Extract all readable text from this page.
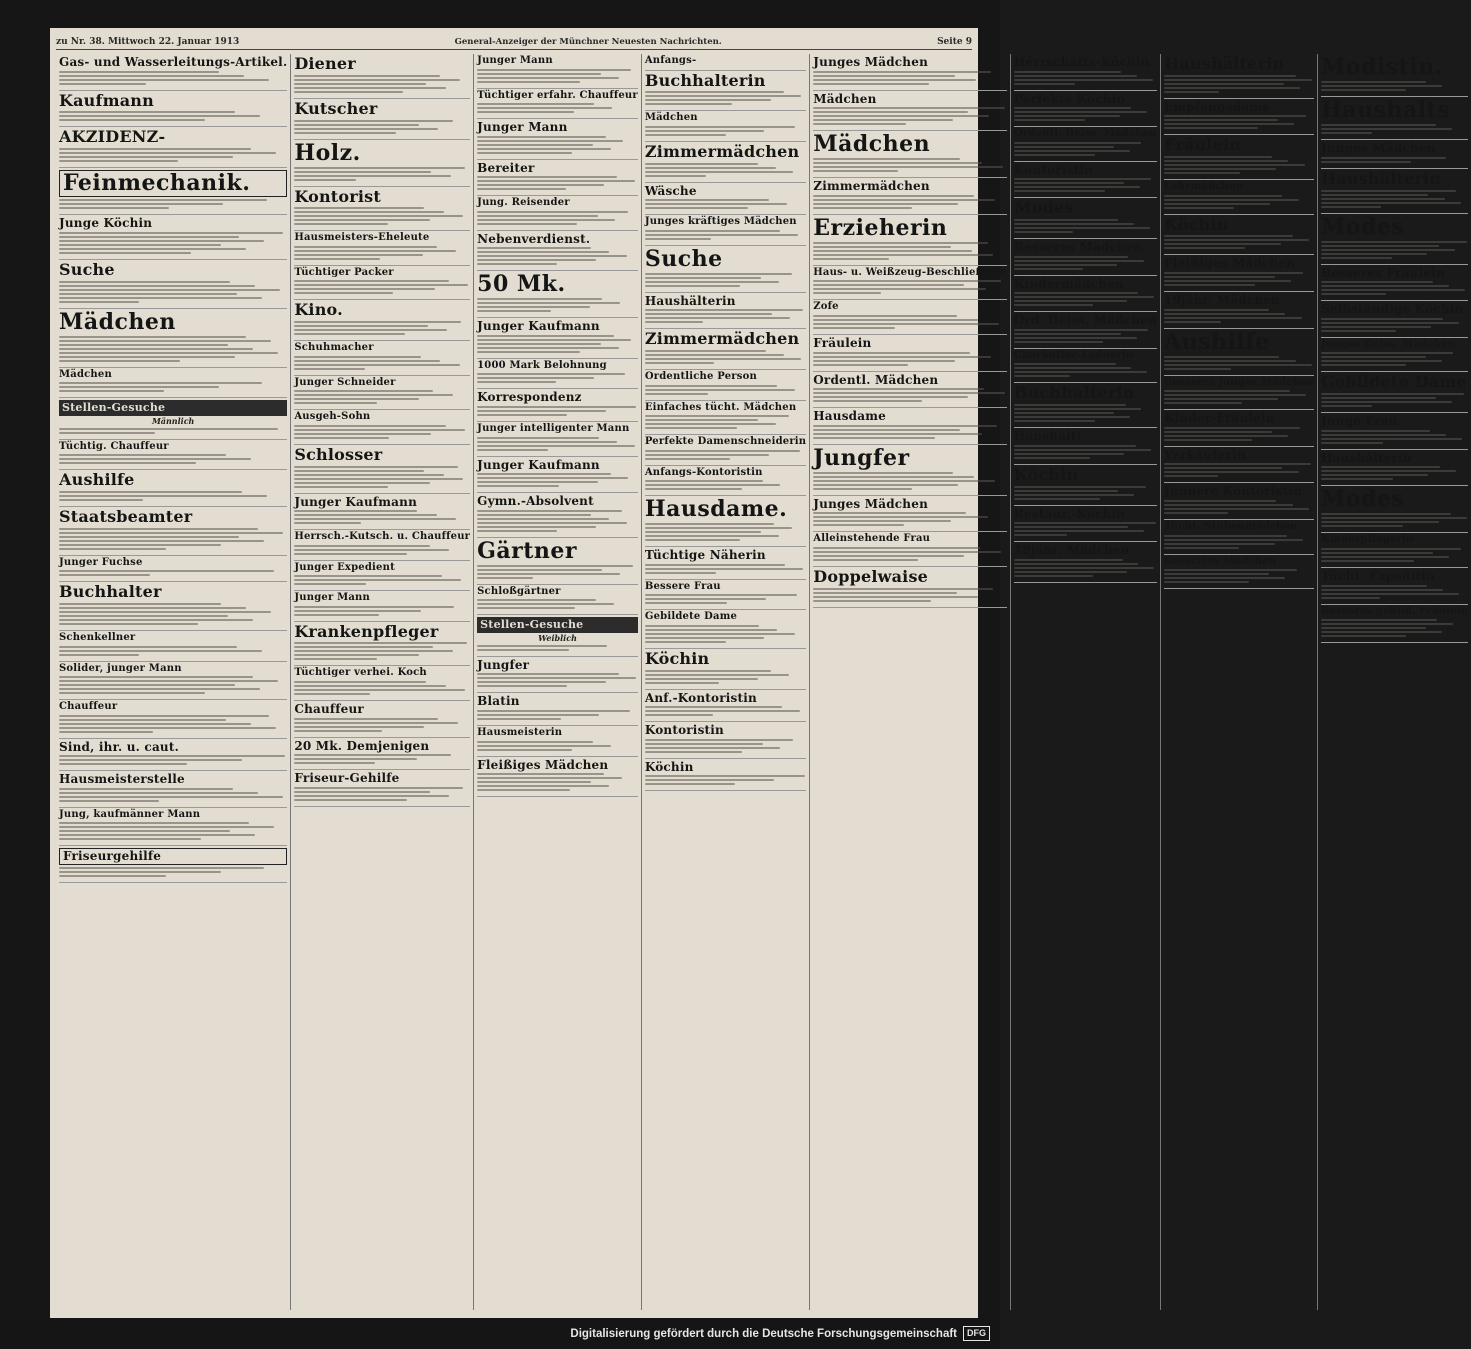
zu Nr. 38. Mittwoch 22. Januar 1913	General-Anzeiger der Münchner Neuesten Nachrichten.	Seite 9
Gas- und Wasserleitungs-Artikel.
Kaufmann
AKZIDENZ-
Feinmechanik.
Junge Köchin
Suche
Mädchen
Mädchen
Stellen-Gesuche
Männlich
Tüchtig. Chauffeur
Aushilfe
Staatsbeamter
Junger Fuchse
Buchhalter
Schenkellner
Solider, junger Mann
Chauffeur
Sind, ihr. u. caut.
Hausmeisterstelle
Jung, kaufmänner Mann
Friseurgehilfe
Diener
Kutscher
Holz.
Kontorist
Hausmeisters-Eheleute
Tüchtiger Packer
Kino.
Schuhmacher
Junger Schneider
Ausgeh-Sohn
Schlosser
Junger Kaufmann
Herrsch.-Kutsch. u. Chauffeur
Junger Expedient
Junger Mann
Krankenpfleger
Tüchtiger verhei. Koch
Chauffeur
20 Mk. Demjenigen
Friseur-Gehilfe
Junger Mann
Tüchtiger erfahr. Chauffeur
Junger Mann
Bereiter
Jung. Reisender
Nebenverdienst.
50 Mk.
Junger Kaufmann
1000 Mark Belohnung
Korrespondenz
Junger intelligenter Mann
Junger Kaufmann
Gymn.-Absolvent
Gärtner
Schloßgärtner
Stellen-Gesuche
Weiblich
Jungfer
Blatin
Hausmeisterin
Fleißiges Mädchen
Anfangs-
Buchhalterin
Mädchen
Zimmermädchen
Wäsche
Junges kräftiges Mädchen
Suche
Haushälterin
Zimmermädchen
Ordentliche Person
Einfaches tücht. Mädchen
Perfekte Damenschneiderin
Anfangs-Kontoristin
Hausdame.
Tüchtige Näherin
Bessere Frau
Gebildete Dame
Köchin
Anf.-Kontoristin
Kontoristin
Köchin
Junges Mädchen
Mädchen
Mädchen
Zimmermädchen
Erzieherin
Haus- u. Weißzeug-Beschließerin
Zofe
Fräulein
Ordentl. Mädchen
Hausdame
Jungfer
Junges Mädchen
Alleinstehende Frau
Doppelwaise
Herrschafts-Köchin
Perfekte Köchin
Ordentl. fleiss. Mädchen
Kontoristin
Modes
Besseres Mädchen
Kindermädchen
Ord. fleiss. Mädchen
Charkutier-Ladnerin
Buchhalterin
Haushalt!
Köchin
Restaur.-Köchin
18jähr. Mädchen
Haushälterin
Empfangsdame
Fräulein
Lehrmädchen
Köchin
Fleißiges Mädchen
19jähr. Mädchen
Aushilfe
Besseres junges Mädchen
Kinder-Fräulein
Verkäuferin
Jüngere Kontoristin
Tücht. Stubenmädchen
Gesetztes Mädchen
Modistin.
Haushalts
Junges Mädchen
Haushälterin
Modes
Besseres Fräulein
Selbständige Köchin
Junges fleiss. Mädchen
Gebildete Dame
Junge Frau
Haushälterin
Modes
Kinderpflegerin
Tücht. Expeditin
Besseres gebild. Fräulein
Digitalisierung gefördert durch die Deutsche Forschungsgemeinschaft	DFG
